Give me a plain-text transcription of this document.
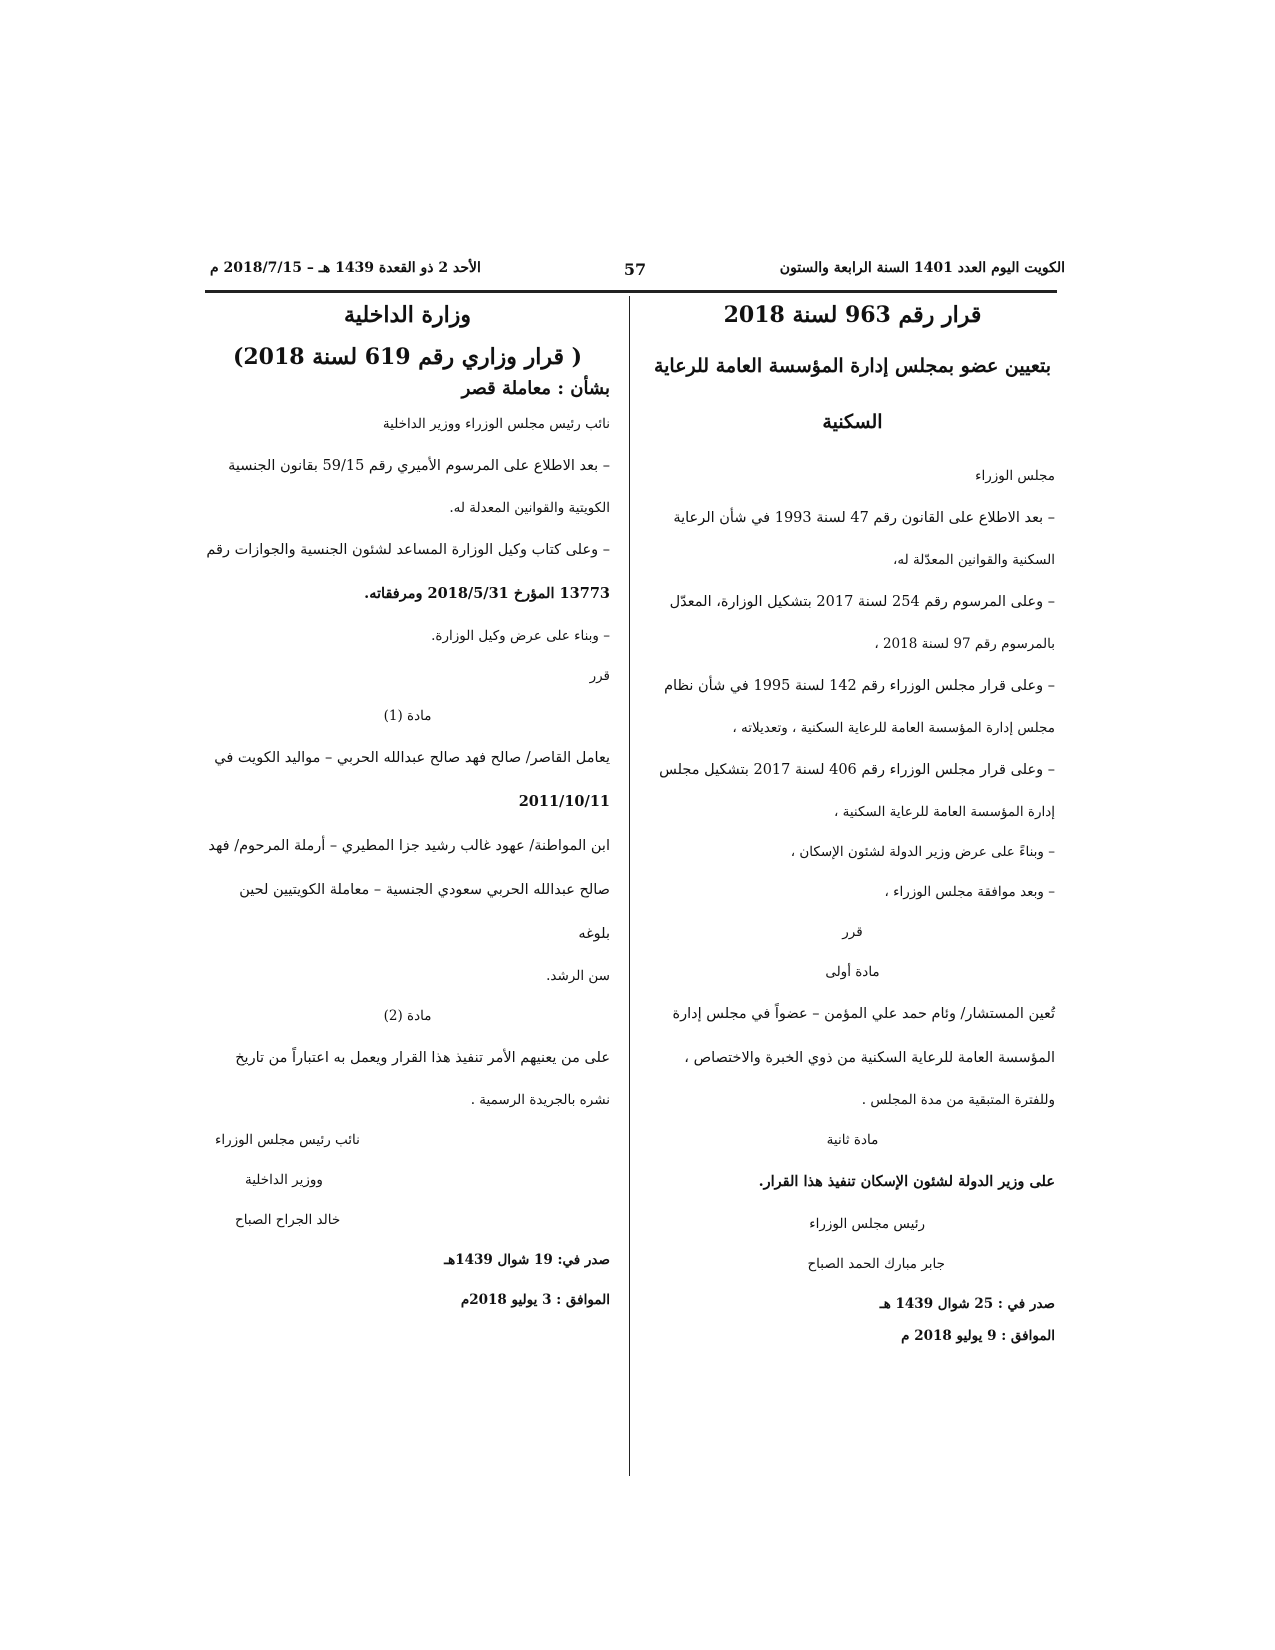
الكويت اليوم العدد 1401 السنة الرابعة والستون
57
الأحد 2 ذو القعدة 1439 هـ – 2018/7/15 م
قرار رقم 963 لسنة 2018
بتعيين عضو بمجلس إدارة المؤسسة العامة للرعاية
السكنية
مجلس الوزراء
– بعد الاطلاع على القانون رقم 47 لسنة 1993 في شأن الرعاية
السكنية والقوانين المعدّلة له،
– وعلى المرسوم رقم 254 لسنة 2017 بتشكيل الوزارة، المعدّل
بالمرسوم رقم 97 لسنة 2018 ،
– وعلى قرار مجلس الوزراء رقم 142 لسنة 1995 في شأن نظام
مجلس إدارة المؤسسة العامة للرعاية السكنية ، وتعديلاته ،
– وعلى قرار مجلس الوزراء رقم 406 لسنة 2017 بتشكيل مجلس
إدارة المؤسسة العامة للرعاية السكنية ،
– وبناءً على عرض وزير الدولة لشئون الإسكان ،
– وبعد موافقة مجلس الوزراء ،
قرر
مادة أولى
تُعين المستشار/ وئام حمد علي المؤمن – عضواً في مجلس إدارة
المؤسسة العامة للرعاية السكنية من ذوي الخبرة والاختصاص ،
وللفترة المتبقية من مدة المجلس .
مادة ثانية
على وزير الدولة لشئون الإسكان تنفيذ هذا القرار.
رئيس مجلس الوزراء
جابر مبارك الحمد الصباح
صدر في : 25 شوال 1439 هـ
الموافق : 9 يوليو 2018 م
وزارة الداخلية
( قرار وزاري رقم 619 لسنة 2018)
بشأن : معاملة قصر
نائب رئيس مجلس الوزراء ووزير الداخلية
– بعد الاطلاع على المرسوم الأميري رقم 59/15 بقانون الجنسية
الكويتية والقوانين المعدلة له.
– وعلى كتاب وكيل الوزارة المساعد لشئون الجنسية والجوازات رقم
13773 المؤرخ 2018/5/31 ومرفقاته.
– وبناء على عرض وكيل الوزارة.
قرر
مادة (1)
يعامل القاصر/ صالح فهد صالح عبدالله الحربي – مواليد الكويت في
2011/10/11
ابن المواطنة/ عهود غالب رشيد جزا المطيري – أرملة المرحوم/ فهد
صالح عبدالله الحربي سعودي الجنسية – معاملة الكويتيين لحين بلوغه
سن الرشد.
مادة (2)
على من يعنيهم الأمر تنفيذ هذا القرار ويعمل به اعتباراً من تاريخ
نشره بالجريدة الرسمية .
نائب رئيس مجلس الوزراء
ووزير الداخلية
خالد الجراح الصباح
صدر في: 19 شوال 1439هـ
الموافق : 3 يوليو 2018م
